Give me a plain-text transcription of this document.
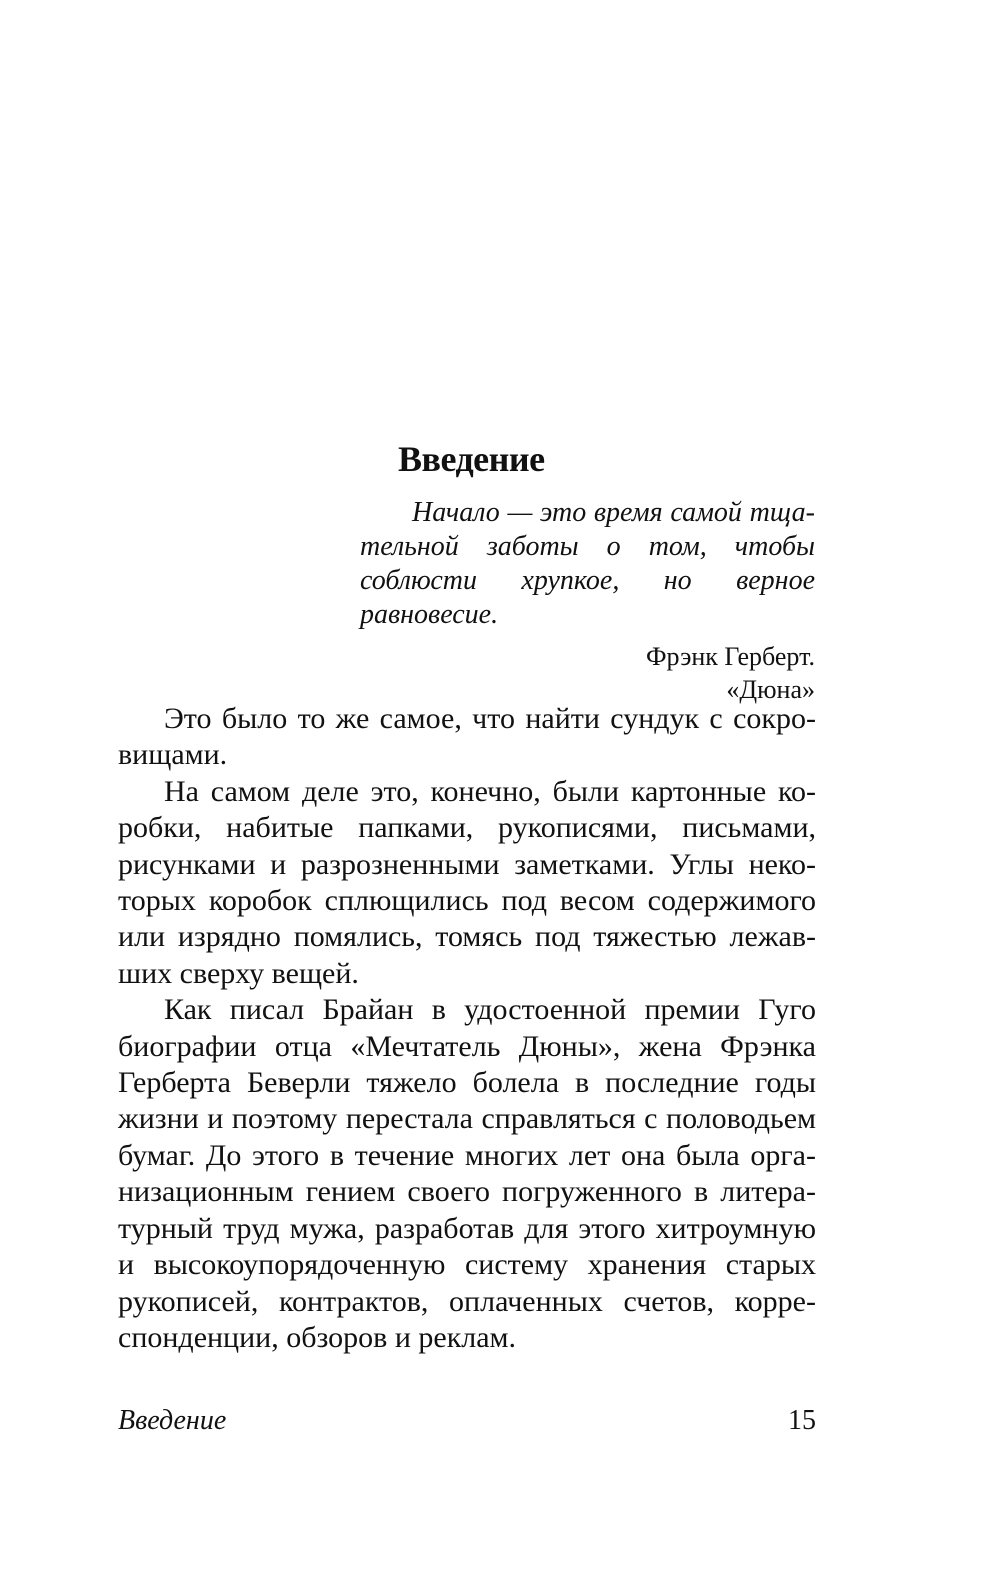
Введение

Начало — это время самой тщательной заботы о том, чтобы соблюсти хрупкое, но верное равновесие.

Фрэнк Герберт.
«Дюна»

Это было то же самое, что найти сундук с сокровищами.

На самом деле это, конечно, были картонные коробки, набитые папками, рукописями, письмами, рисунками и разрозненными заметками. Углы некоторых коробок сплющились под весом содержимого или изрядно помялись, томясь под тяжестью лежавших сверху вещей.

Как писал Брайан в удостоенной премии Гуго биографии отца «Мечтатель Дюны», жена Фрэнка Герберта Беверли тяжело болела в последние годы жизни и поэтому перестала справляться с половодьем бумаг. До этого в течение многих лет она была организационным гением своего погруженного в литературный труд мужа, разработав для этого хитроумную и высокоупорядоченную систему хранения старых рукописей, контрактов, оплаченных счетов, корреспонденции, обзоров и реклам.

Введение	15
